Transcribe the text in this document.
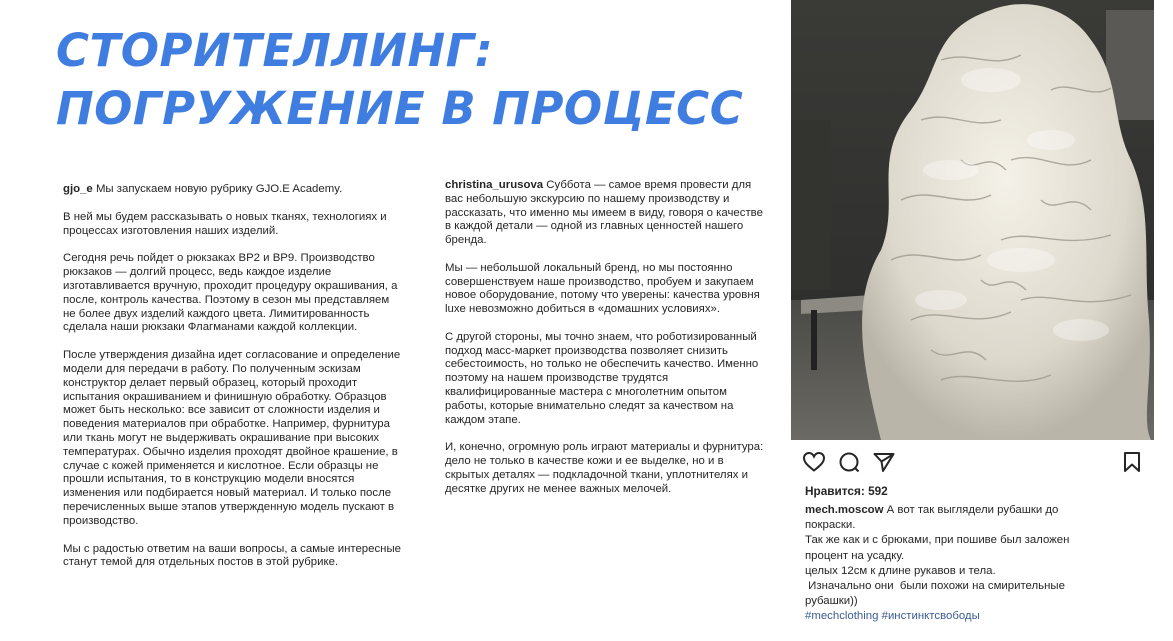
СТОРИТЕЛЛИНГ:
ПОГРУЖЕНИЕ В ПРОЦЕСС

gjo_e Мы запускаем новую рубрику GJO.E Academy.

В ней мы будем рассказывать о новых тканях, технологиях и процессах изготовления наших изделий.

Сегодня речь пойдет о рюкзаках BP2 и BP9. Производство рюкзаков — долгий процесс, ведь каждое изделие изготавливается вручную, проходит процедуру окрашивания, а после, контроль качества. Поэтому в сезон мы представляем не более двух изделий каждого цвета. Лимитированность сделала наши рюкзаки Флагманами каждой коллекции.

После утверждения дизайна идет согласование и определение модели для передачи в работу. По полученным эскизам конструктор делает первый образец, который проходит испытания окрашиванием и финишную обработку. Образцов может быть несколько: все зависит от сложности изделия и поведения материалов при обработке. Например, фурнитура или ткань могут не выдерживать окрашивание при высоких температурах. Обычно изделия проходят двойное крашение, в случае с кожей применяется и кислотное. Если образцы не прошли испытания, то в конструкцию модели вносятся изменения или подбирается новый материал. И только после перечисленных выше этапов утвержденную модель пускают в производство.

Мы с радостью ответим на ваши вопросы, а самые интересные станут темой для отдельных постов в этой рубрике.

christina_urusova Суббота — самое время провести для вас небольшую экскурсию по нашему производству и рассказать, что именно мы имеем в виду, говоря о качестве в каждой детали — одной из главных ценностей нашего бренда.

Мы — небольшой локальный бренд, но мы постоянно совершенствуем наше производство, пробуем и закупаем новое оборудование, потому что уверены: качества уровня luxe невозможно добиться в «домашних условиях».

С другой стороны, мы точно знаем, что роботизированный подход масс-маркет производства позволяет снизить себестоимость, но только не обеспечить качество. Именно поэтому на нашем производстве трудятся квалифицированные мастера с многолетним опытом работы, которые внимательно следят за качеством на каждом этапе.

И, конечно, огромную роль играют материалы и фурнитура: дело не только в качестве кожи и ее выделке, но и в скрытых деталях — подкладочной ткани, уплотнителях и десятке других не менее важных мелочей.	Нравится: 592
mech.moscow А вот так выглядели рубашки до
покраски.
Так же как и с брюками, при пошиве был заложен
процент на усадку.
целых 12см к длине рукавов и тела.
Изначально они  были похожи на смирительные
рубашки))
#mechclothing #инстинктсвободы
